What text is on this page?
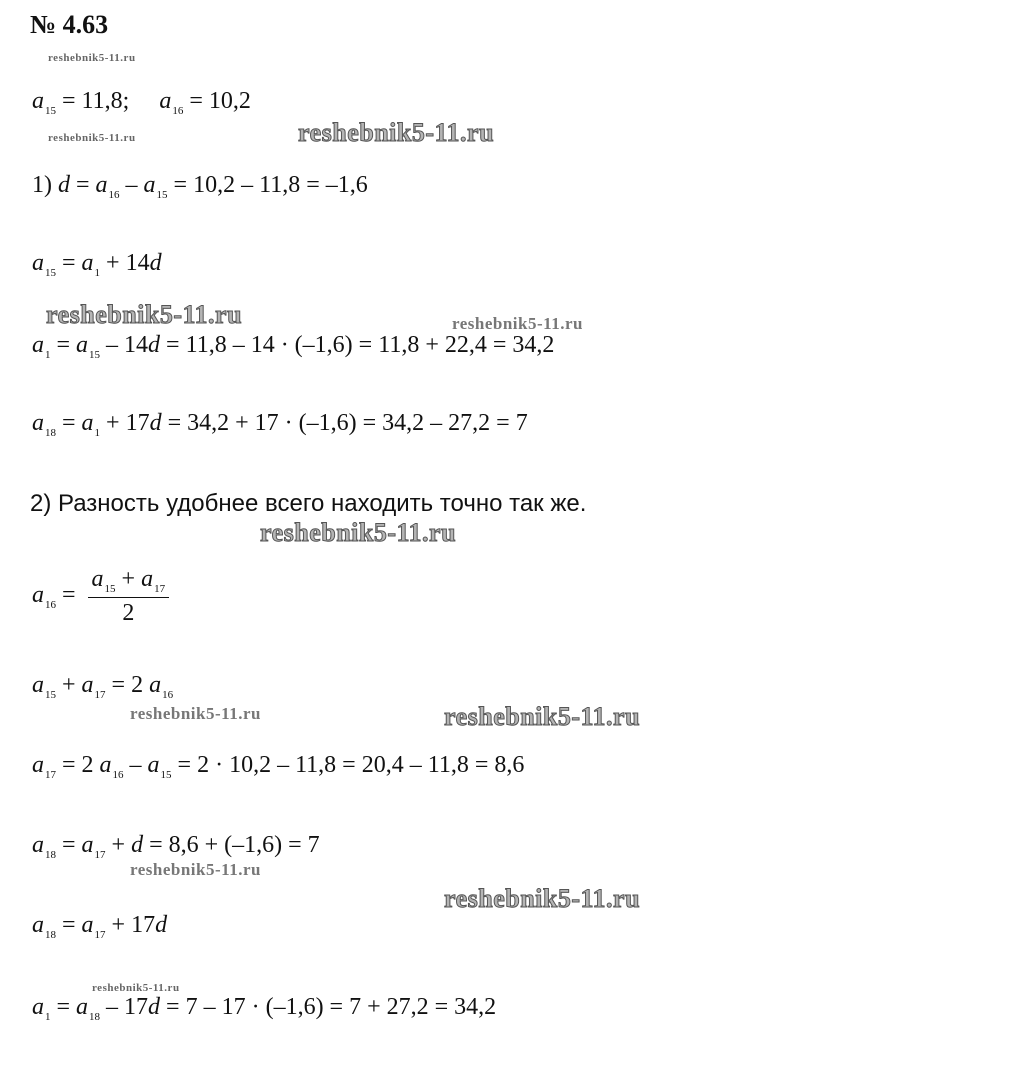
№ 4.63
$a_{15} = 11,8$;     $a_{16} = 10,2$
1) $d = a_{16} - a_{15} = 10,2 - 11,8 = -1,6$
$a_{15} = a_1 + 14d$
$a_1 = a_{15} - 14d = 11,8 - 14 \cdot (-1,6) = 11,8 + 22,4 = 34,2$
$a_{18} = a_1 + 17d = 34,2 + 17 \cdot (-1,6) = 34,2 - 27,2 = 7$
2) Разность удобнее всего находить точно так же.
$a_{16} = \frac{a_{15} + a_{17}}{2}$
$a_{15} + a_{17} = 2$ $a_{16}$
$a_{17} = 2$ $a_{16} - a_{15} = 2 \cdot 10,2 - 11,8 = 20,4 - 11,8 = 8,6$
$a_{18} = a_{17} + d = 8,6 + (-1,6) = 7$
$a_{18} = a_{17} + 17d$
$a_1 = a_{18} - 17d = 7 - 17 \cdot (-1,6) = 7 + 27,2 = 34,2$
reshebnik5-11.ru
reshebnik5-11.ru	reshebnik5-11.ru
reshebnik5-11.ru	reshebnik5-11.ru
reshebnik5-11.ru
reshebnik5-11.ru	reshebnik5-11.ru
reshebnik5-11.ru
reshebnik5-11.ru
reshebnik5-11.ru
